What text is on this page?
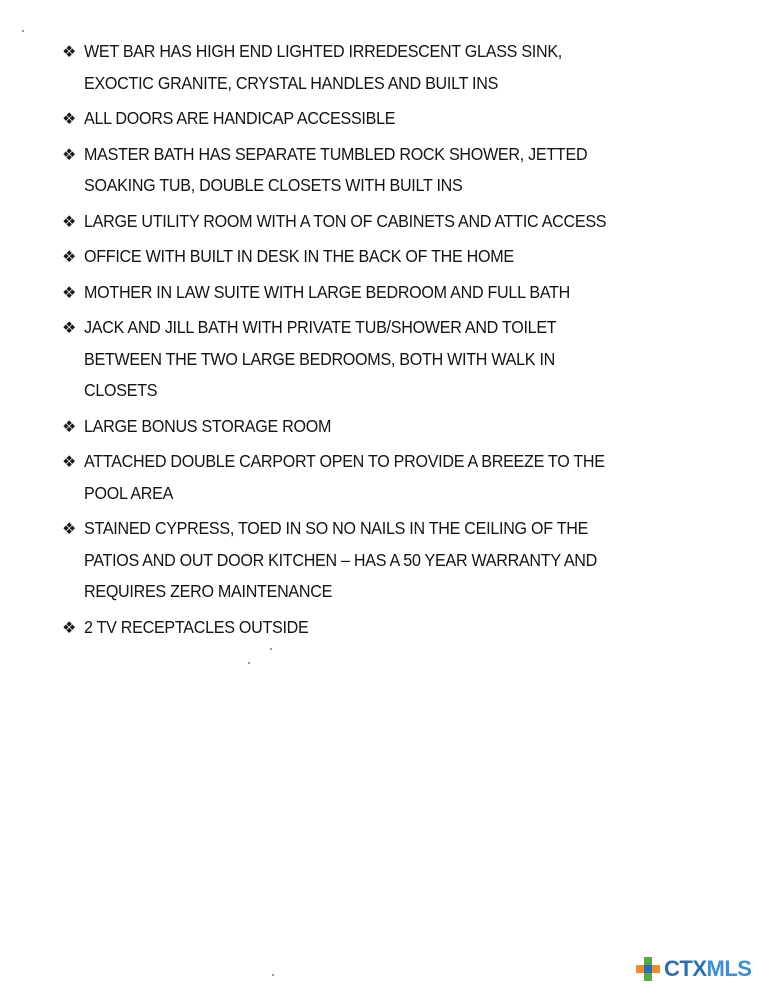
❖ WET BAR HAS HIGH END LIGHTED IRREDESCENT GLASS SINK,
EXOCTIC GRANITE, CRYSTAL HANDLES AND BUILT INS
❖ ALL DOORS ARE HANDICAP ACCESSIBLE
❖ MASTER BATH HAS SEPARATE TUMBLED ROCK SHOWER, JETTED
SOAKING TUB, DOUBLE CLOSETS WITH BUILT INS
❖ LARGE UTILITY ROOM WITH A TON OF CABINETS AND ATTIC ACCESS
❖ OFFICE WITH BUILT IN DESK IN THE BACK OF THE HOME
❖ MOTHER IN LAW SUITE WITH LARGE BEDROOM AND FULL BATH
❖ JACK AND JILL BATH WITH PRIVATE TUB/SHOWER AND TOILET
BETWEEN THE TWO LARGE BEDROOMS, BOTH WITH WALK IN
CLOSETS
❖ LARGE BONUS STORAGE ROOM
❖ ATTACHED DOUBLE CARPORT OPEN TO PROVIDE A BREEZE TO THE
POOL AREA
❖ STAINED CYPRESS, TOED IN SO NO NAILS IN THE CEILING OF THE
PATIOS AND OUT DOOR KITCHEN – HAS A 50 YEAR WARRANTY AND
REQUIRES ZERO MAINTENANCE
❖ 2 TV RECEPTACLES OUTSIDE
CTXMLS
